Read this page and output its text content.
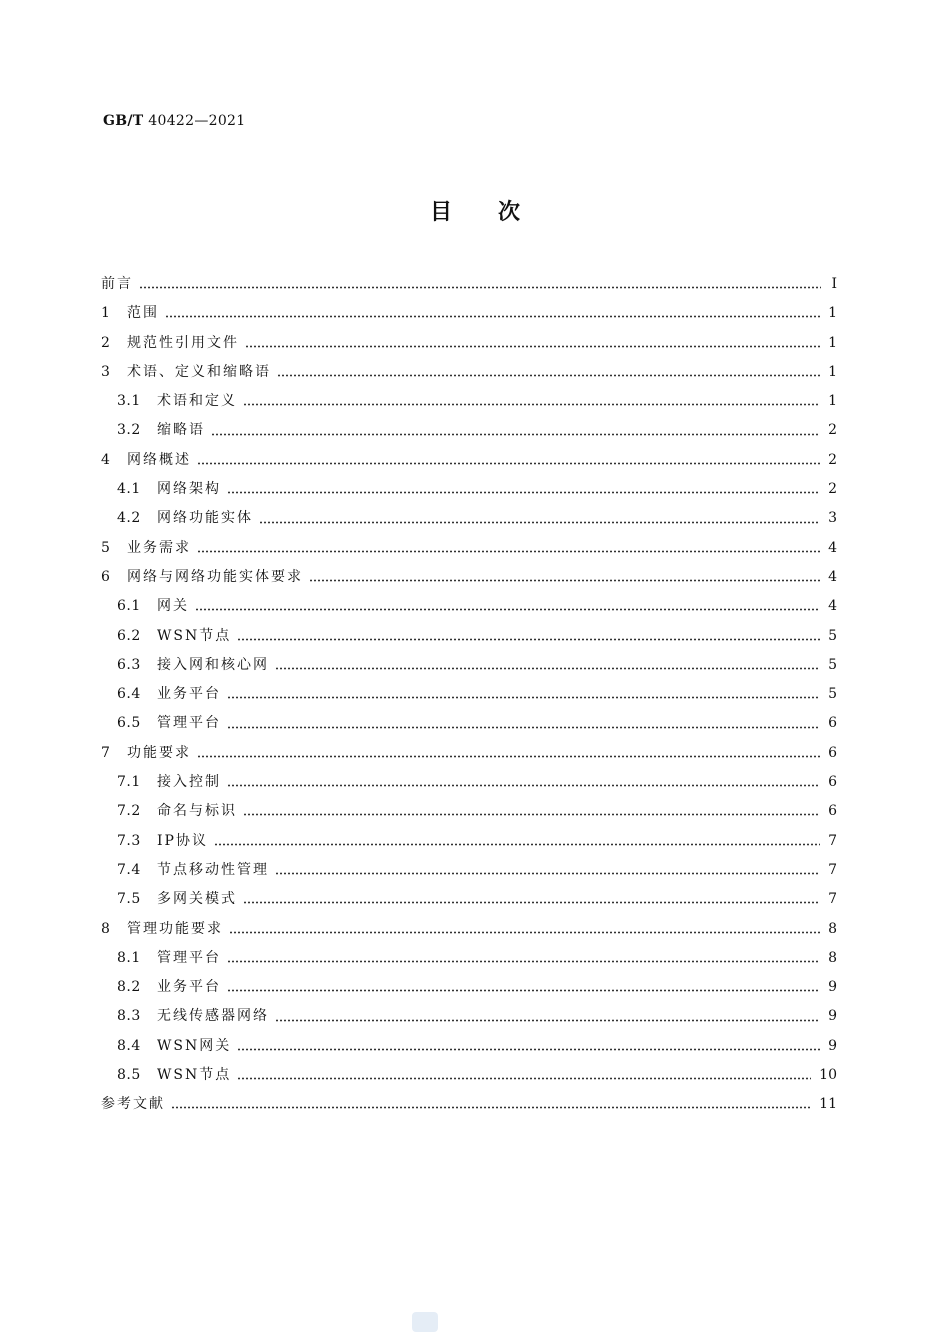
GB/T 40422—2021
目次
前言	Ⅰ
1	范围	1
2	规范性引用文件	1
3	术语、定义和缩略语	1
3.1	术语和定义	1
3.2	缩略语	2
4	网络概述	2
4.1	网络架构	2
4.2	网络功能实体	3
5	业务需求	4
6	网络与网络功能实体要求	4
6.1	网关	4
6.2	WSN节点	5
6.3	接入网和核心网	5
6.4	业务平台	5
6.5	管理平台	6
7	功能要求	6
7.1	接入控制	6
7.2	命名与标识	6
7.3	IP协议	7
7.4	节点移动性管理	7
7.5	多网关模式	7
8	管理功能要求	8
8.1	管理平台	8
8.2	业务平台	9
8.3	无线传感器网络	9
8.4	WSN网关	9
8.5	WSN节点	10
参考文献	11
